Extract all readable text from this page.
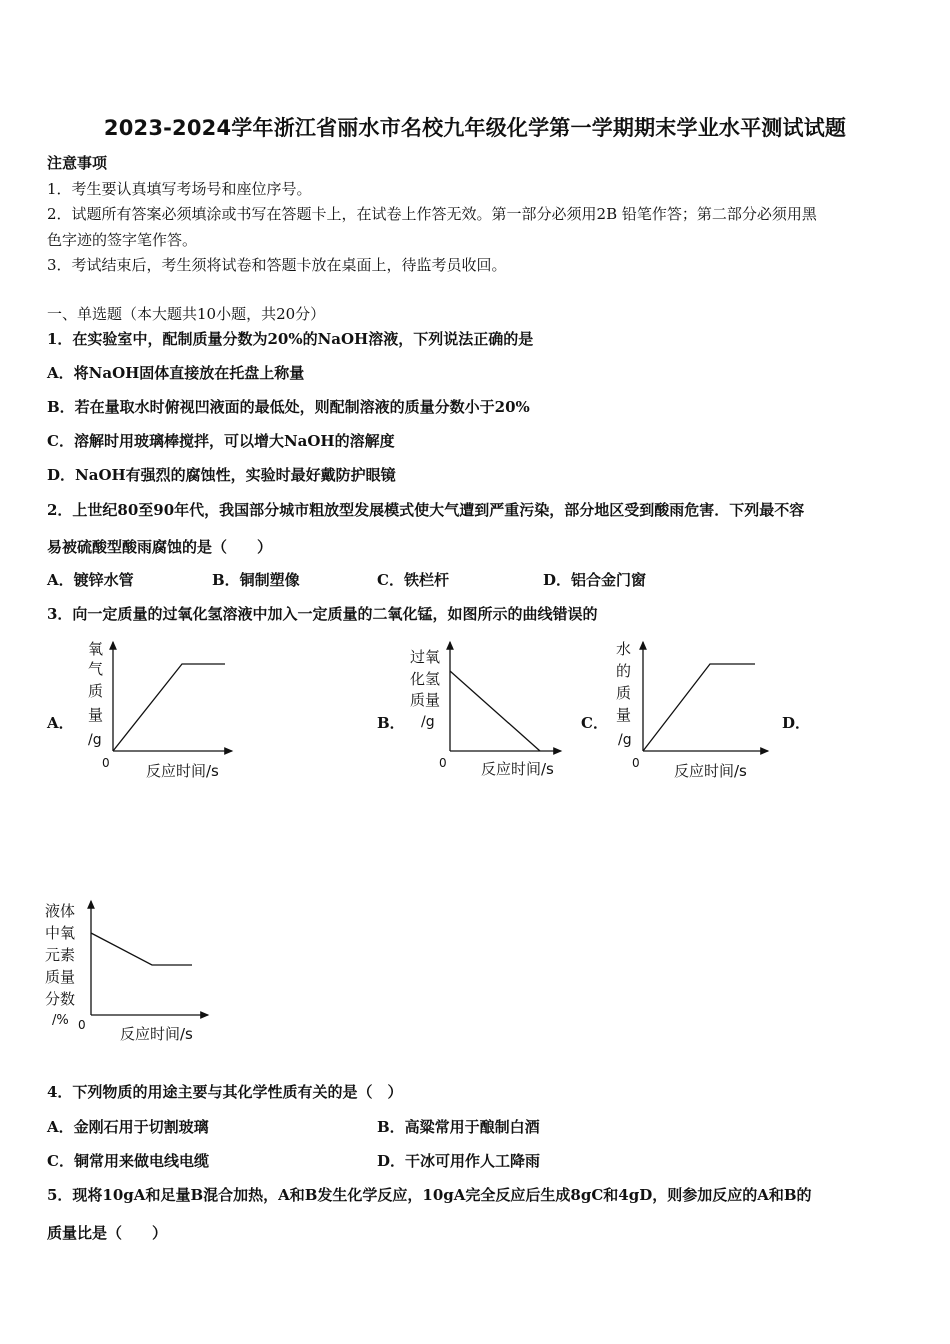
2023-2024学年浙江省丽水市名校九年级化学第一学期期末学业水平测试试题
注意事项
1．考生要认真填写考场号和座位序号。
2．试题所有答案必须填涂或书写在答题卡上，在试卷上作答无效。第一部分必须用2B 铅笔作答；第二部分必须用黑
色字迹的签字笔作答。
3．考试结束后，考生须将试卷和答题卡放在桌面上，待监考员收回。
一、单选题（本大题共10小题，共20分）
1．在实验室中，配制质量分数为20%的NaOH溶液，下列说法正确的是
A．将NaOH固体直接放在托盘上称量
B．若在量取水时俯视凹液面的最低处，则配制溶液的质量分数小于20%
C．溶解时用玻璃棒搅拌，可以增大NaOH的溶解度
D．NaOH有强烈的腐蚀性，实验时最好戴防护眼镜
2．上世纪80至90年代，我国部分城市粗放型发展模式使大气遭到严重污染，部分地区受到酸雨危害．下列最不容
易被硫酸型酸雨腐蚀的是（　　）
A．镀锌水管	B．铜制塑像	C．铁栏杆	D．铝合金门窗
3．向一定质量的过氧化氢溶液中加入一定质量的二氧化锰，如图所示的曲线错误的
A．	B．	C．	D．
氧
气
质
量
/g
0 反应时间/s
过氧
化氢
质量
/g
0 反应时间/s
水
的
质
量
/g
0 反应时间/s
液体
中氧
元素
质量
分数
/% 0 反应时间/s
4．下列物质的用途主要与其化学性质有关的是（　）
A．金刚石用于切割玻璃	B．高粱常用于酿制白酒
C．铜常用来做电线电缆	D．干冰可用作人工降雨
5．现将10gA和足量B混合加热，A和B发生化学反应，10gA完全反应后生成8gC和4gD，则参加反应的A和B的
质量比是（　　）
